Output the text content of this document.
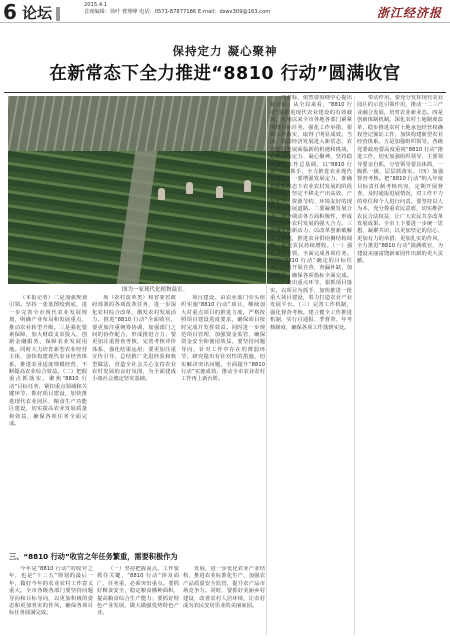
6 论坛	2015.4.1
首席编辑：徐叶 曹理峰 电话：0571-87877186 E-mail：dswx309@163.com	浙江经济报
保持定力 凝心聚神
在新常态下全力推进“8810 行动”圆满收官
图为一家现代化植物温室。

（本报记者）二是加强规划引领。坚持一张蓝图绘到底，进一步完善全市现代农业发展规划，明确产业布局和发展重点，推动农业转型升级。三是强化要素保障，加大财政支农投入，创新金融服务，保障农业发展用地。同时大力培育新型农业经营主体，加快构建现代农业经营体系，推进农业适度规模经营，不断提高农业综合效益。（二）把握重点抓落实。聚焦“8810 行动”目标任务，紧扣重点领域和关键环节，抓好项目建设，加快推进现代农业园区、粮食生产功能区建设，切实提高农业发展质量和效益，确保各项任务全面完成。

项（农村改革类）和省委省政府部署的各项改革任务，进一步深化农村综合改革，激发农村发展活力。推进“8810 行动”全面收官，要更加注重统筹协调，加强部门之间的协作配合，形成推进合力；要更加注重督查考核，完善考核评价体系，强化结果运用；要更加注重宣传引导，总结推广先进经验和典型做法，营造全社会关心支持农业农村发展的良好氛围，为全面建成小康社会奠定坚实基础。

项目建设。由农业部门牵头组织实施“8810 行动”项目，继续加大对重点项目的推进力度，严格按照项目建设进度要求，确保项目按时完成并发挥效益。同时进一步规范项目管理，加强资金监管，确保资金安全和使用效益。要坚持问题导向，针对工作中存在的薄弱环节，研究提出有针对性的措施，切实解决突出问题，全面提升“8810 行动”实施成效，推动全市农业农村工作再上新台阶。

省对标，依然要围绕中心提出新目标。从全局来看，“8810 行动”是推进现代农业建设的有效载体，实施以来全市各地各部门紧紧围绕目标任务，强化工作举措，狠抓工作落实，取得了明显成效。当前，我国经济发展进入新常态，农业农村发展面临新的机遇和挑战，必须保持定力、凝心聚神，坚持稳中求进工作总基调，以“8810 行动”为总抓手，全力推进农业现代化建设。一要增强发展定力，准确把握新常态下农业农村发展的阶段性特征，坚定不移走产出高效、产品安全、资源节约、环境友好的现代农业发展道路。二要凝聚发展合力，充分调动各方面积极性，形成推动农业农村发展的强大合力。三要激发创新活力，以改革创新破解发展难题，推进农业供给侧结构调整，促进农民持续增收。（一）强化目标引领，全面完成各项任务。对照“8810 行动”确定的目标任务，认真开展自查，查漏补缺，加快推进，确保各项指标全面完成。（二）突出重点环节，狠抓项目落实。以项目为抓手，加快推进一批重大项目建设，着力打造农业产业发展平台。（三）完善工作机制，强化督查考核。建立健全工作推进机制，实行月通报、季督查、年考核制度，确保各项工作落到实处。

带动作用。要充分发挥现代农业园区的示范引领作用，推动一二三产业融合发展，培育农业新业态。四是创新体制机制。深化农村土地制度改革，稳步推进农村土地承包经营权确权登记颁证工作，加快构建新型农业经营体系。五是加强组织领导。各级党委政府要高度重视“8810 行动”推进工作，切实加强组织领导，主要领导要亲自抓，分管领导要具体抓，一级抓一级，层层抓落实。（四）加强督查考核。把“8810 行动”纳入年度目标责任制考核内容，定期开展督查，及时通报进展情况，对工作不力的单位和个人进行问责。要坚持以人为本，充分尊重农民意愿，切实维护农民合法权益，让广大农民共享改革发展成果。全市上下要进一步统一思想，凝聚共识，以更加坚定的信心、更加有力的举措、更加扎实的作风，全力推进“8810 行动”圆满收官，为建设美丽富饶新家园作出新的更大贡献。

三、“8810 行动”收官之年任务繁重，需要积极作为

今年是“8810 行动”的收官之年，也是“十二五”规划的最后一年，做好今年的农业农村工作意义重大。全市各级各部门要坚持问题导向和目标导向，以更加积极的姿态和更加务实的作风，确保各项目标任务圆满完成。

（一）坚持把握重点。工作要抓住关键，“8810 行动”涉及面广、任务重，必须突出重点。要抓好粮食安全，稳定粮食播种面积，提高粮食综合生产能力；要抓好特色产业发展，做大做强优势特色产业。

发展，进一步优化农业产业结构，推进农业标准化生产，加强农产品质量安全监管，提升农产品市场竞争力。同时，要抓好美丽乡村建设，改善农村人居环境，让农村成为农民安居乐业的美丽家园。
